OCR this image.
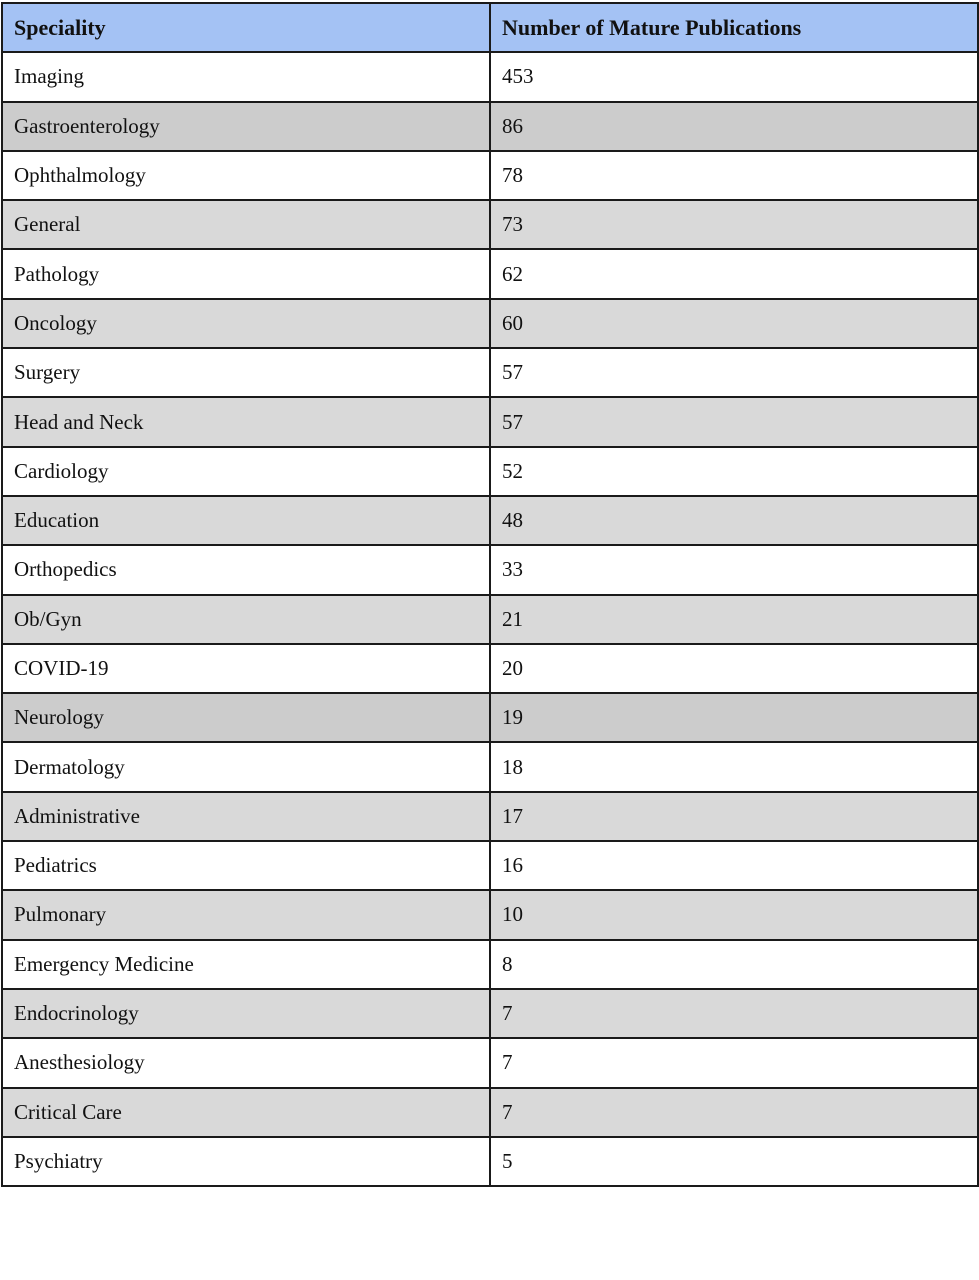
Speciality	Number of Mature Publications
Imaging	453
Gastroenterology	86
Ophthalmology	78
General	73
Pathology	62
Oncology	60
Surgery	57
Head and Neck	57
Cardiology	52
Education	48
Orthopedics	33
Ob/Gyn	21
COVID-19	20
Neurology	19
Dermatology	18
Administrative	17
Pediatrics	16
Pulmonary	10
Emergency Medicine	8
Endocrinology	7
Anesthesiology	7
Critical Care	7
Psychiatry	5
